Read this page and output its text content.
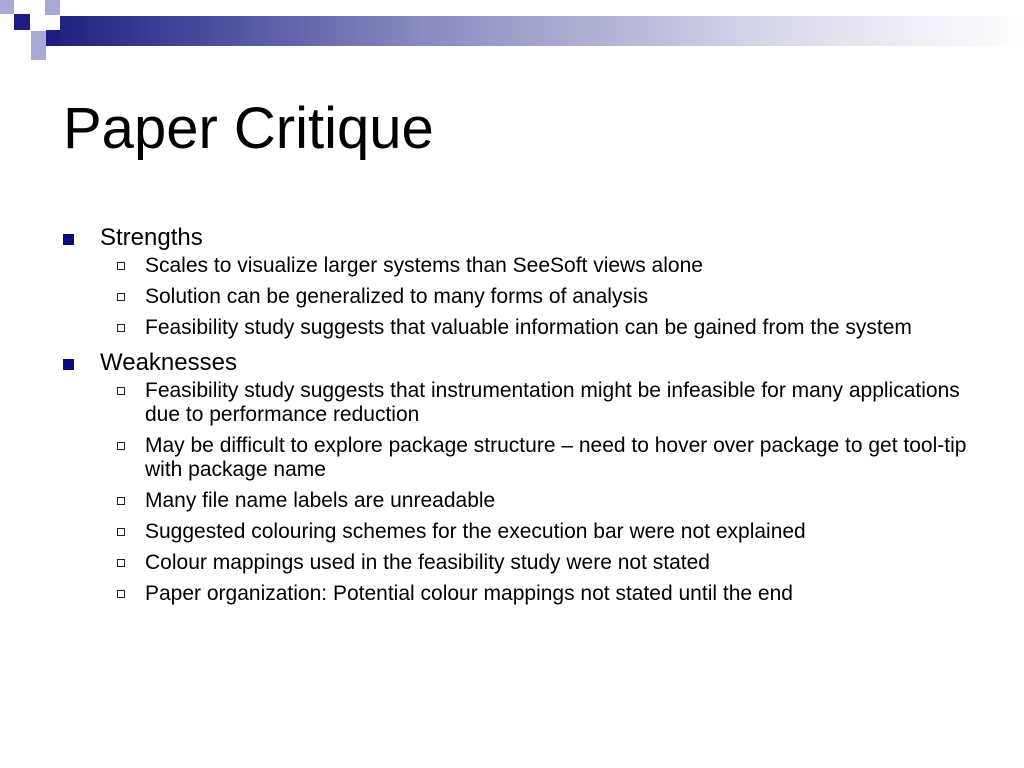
Paper Critique

Strengths

Scales to visualize larger systems than SeeSoft views alone

Solution can be generalized to many forms of analysis

Feasibility study suggests that valuable information can be gained from the system

Weaknesses

Feasibility study suggests that instrumentation might be infeasible for many applications due to performance reduction

May be difficult to explore package structure – need to hover over package to get tool-tip with package name

Many file name labels are unreadable

Suggested colouring schemes for the execution bar were not explained

Colour mappings used in the feasibility study were not stated

Paper organization: Potential colour mappings not stated until the end
